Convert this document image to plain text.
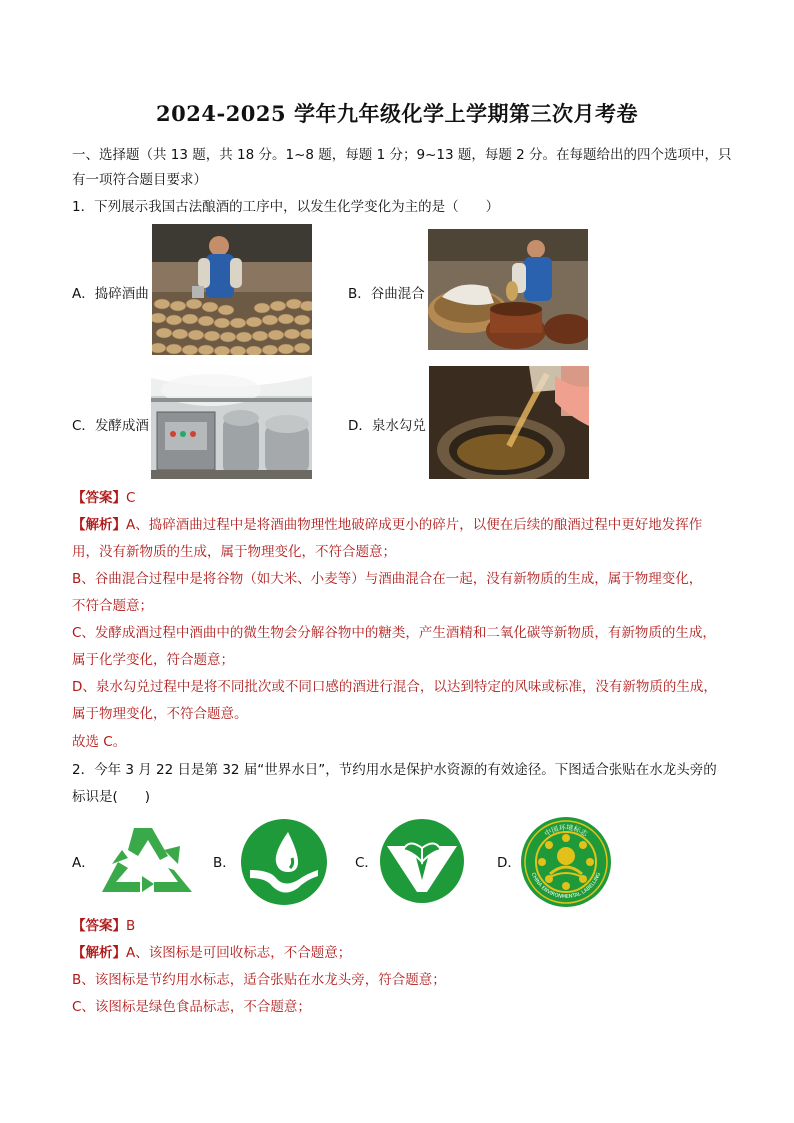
2024-2025 学年九年级化学上学期第三次月考卷
一、选择题（共 13 题，共 18 分。1~8 题，每题 1 分；9~13 题，每题 2 分。在每题给出的四个选项中，只
有一项符合题目要求）
1．下列展示我国古法酿酒的工序中，以发生化学变化为主的是（　　）
A．捣碎酒曲	B．谷曲混合
C．发酵成酒	D．泉水勾兑
【答案】C
【解析】A、捣碎酒曲过程中是将酒曲物理性地破碎成更小的碎片，以便在后续的酿酒过程中更好地发挥作
用，没有新物质的生成，属于物理变化，不符合题意；
B、谷曲混合过程中是将谷物（如大米、小麦等）与酒曲混合在一起，没有新物质的生成，属于物理变化，
不符合题意；
C、发酵成酒过程中酒曲中的微生物会分解谷物中的糖类，产生酒精和二氧化碳等新物质，有新物质的生成，
属于化学变化，符合题意；
D、泉水勾兑过程中是将不同批次或不同口感的酒进行混合，以达到特定的风味或标准，没有新物质的生成，
属于物理变化，不符合题意。
故选 C。
2．今年 3 月 22 日是第 32 届“世界水日”，节约用水是保护水资源的有效途径。下图适合张贴在水龙头旁的
标识是(　　)
A．	B．	C．	D．
中国环境标志
CHINA ENVIRONMENTAL LABELLING
【答案】B
【解析】A、该图标是可回收标志，不合题意；
B、该图标是节约用水标志，适合张贴在水龙头旁，符合题意；
C、该图标是绿色食品标志，不合题意；
